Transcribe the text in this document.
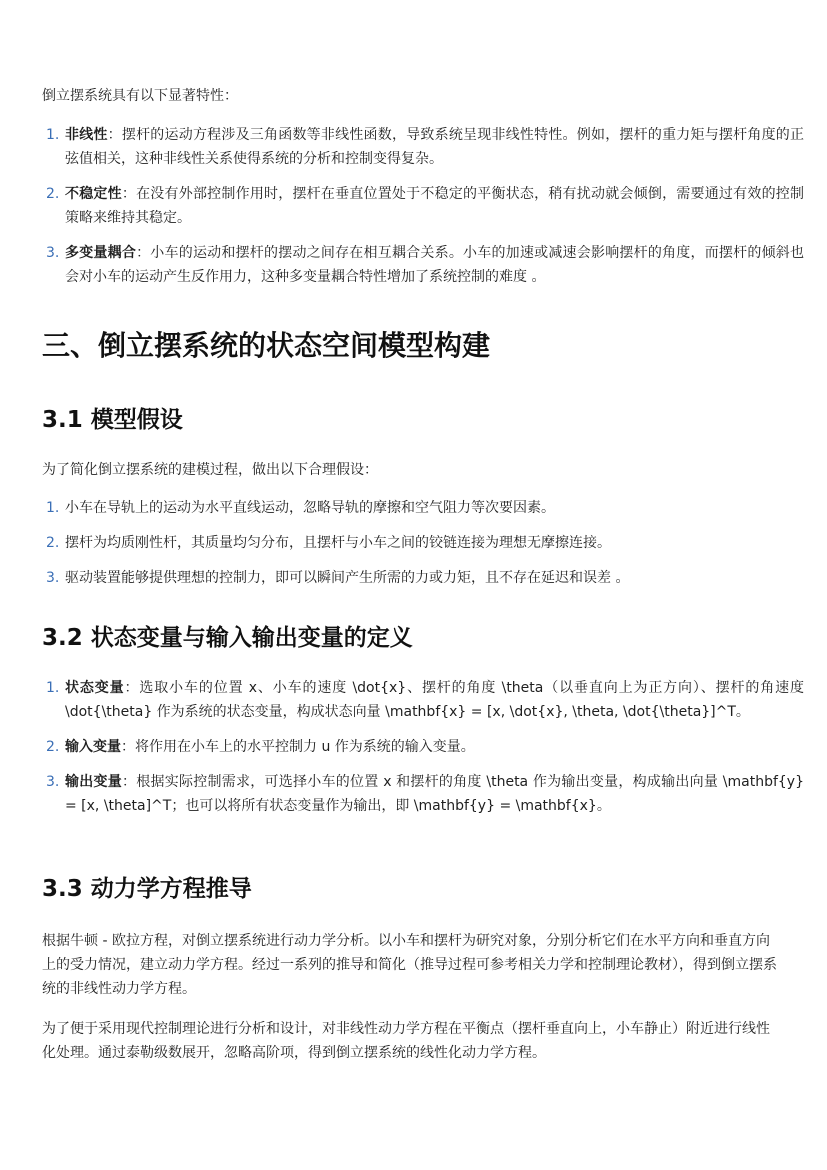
倒立摆系统具有以下显著特性：

1. 非线性：摆杆的运动方程涉及三角函数等非线性函数，导致系统呈现非线性特性。例如，摆杆的重力矩与摆杆角度的正弦值相关，这种非线性关系使得系统的分析和控制变得复杂。
2. 不稳定性：在没有外部控制作用时，摆杆在垂直位置处于不稳定的平衡状态，稍有扰动就会倾倒，需要通过有效的控制策略来维持其稳定。
3. 多变量耦合：小车的运动和摆杆的摆动之间存在相互耦合关系。小车的加速或减速会影响摆杆的角度，而摆杆的倾斜也会对小车的运动产生反作用力，这种多变量耦合特性增加了系统控制的难度 。
三、倒立摆系统的状态空间模型构建
3.1 模型假设

为了简化倒立摆系统的建模过程，做出以下合理假设：

1. 小车在导轨上的运动为水平直线运动，忽略导轨的摩擦和空气阻力等次要因素。
2. 摆杆为均质刚性杆，其质量均匀分布，且摆杆与小车之间的铰链连接为理想无摩擦连接。
3. 驱动装置能够提供理想的控制力，即可以瞬间产生所需的力或力矩，且不存在延迟和误差 。
3.2 状态变量与输入输出变量的定义
1. 状态变量：选取小车的位置 x、小车的速度 \dot{x}、摆杆的角度 \theta（以垂直向上为正方向）、摆杆的角速度 \dot{\theta} 作为系统的状态变量，构成状态向量 \mathbf{x} = [x, \dot{x}, \theta, \dot{\theta}]^T。
2. 输入变量：将作用在小车上的水平控制力 u 作为系统的输入变量。
3. 输出变量：根据实际控制需求，可选择小车的位置 x 和摆杆的角度 \theta 作为输出变量，构成输出向量 \mathbf{y} = [x, \theta]^T；也可以将所有状态变量作为输出，即 \mathbf{y} = \mathbf{x}。
3.3 动力学方程推导

根据牛顿 - 欧拉方程，对倒立摆系统进行动力学分析。以小车和摆杆为研究对象，分别分析它们在水平方向和垂直方向上的受力情况，建立动力学方程。经过一系列的推导和简化（推导过程可参考相关力学和控制理论教材），得到倒立摆系统的非线性动力学方程。

为了便于采用现代控制理论进行分析和设计，对非线性动力学方程在平衡点（摆杆垂直向上，小车静止）附近进行线性化处理。通过泰勒级数展开，忽略高阶项，得到倒立摆系统的线性化动力学方程。
